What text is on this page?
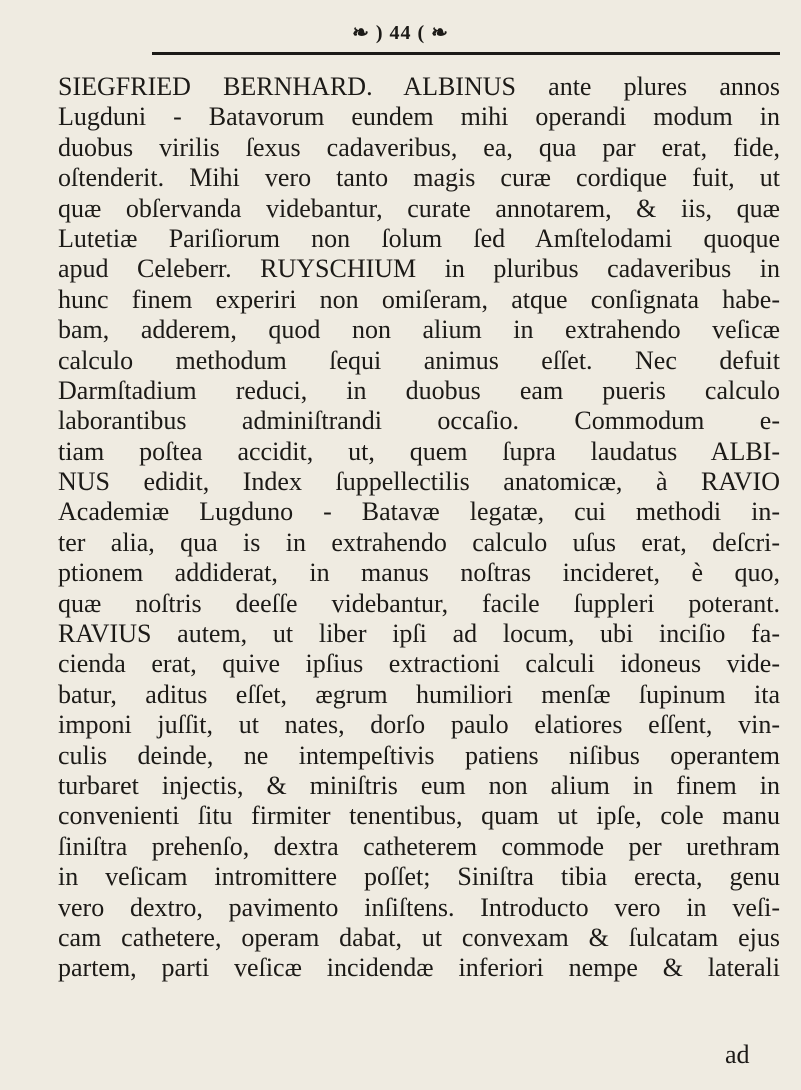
❧ ) 44 ( ❧
SIEGFRIED BERNHARD. ALBINUS ante plures annos
Lugduni - Batavorum eundem mihi operandi modum in
duobus virilis ſexus cadaveribus, ea, qua par erat, fide,
oſtenderit. Mihi vero tanto magis curæ cordique fuit, ut
quæ obſervanda videbantur, curate annotarem, & iis, quæ
Lutetiæ Pariſiorum non ſolum ſed Amſtelodami quoque
apud Celeberr. RUYSCHIUM in pluribus cadaveribus in
hunc finem experiri non omiſeram, atque conſignata habe-
bam, adderem, quod non alium in extrahendo veſicæ
calculo methodum ſequi animus eſſet. Nec defuit
Darmſtadium reduci, in duobus eam pueris calculo
laborantibus adminiſtrandi occaſio. Commodum e-
tiam poſtea accidit, ut, quem ſupra laudatus ALBI-
NUS edidit, Index ſuppellectilis anatomicæ, à RAVIO
Academiæ Lugduno - Batavæ legatæ, cui methodi in-
ter alia, qua is in extrahendo calculo uſus erat, deſcri-
ptionem addiderat, in manus noſtras incideret, è quo,
quæ noſtris deeſſe videbantur, facile ſuppleri poterant.
RAVIUS autem, ut liber ipſi ad locum, ubi inciſio fa-
cienda erat, quive ipſius extractioni calculi idoneus vide-
batur, aditus eſſet, ægrum humiliori menſæ ſupinum ita
imponi juſſit, ut nates, dorſo paulo elatiores eſſent, vin-
culis deinde, ne intempeſtivis patiens niſibus operantem
turbaret injectis, & miniſtris eum non alium in finem in
convenienti ſitu firmiter tenentibus, quam ut ipſe, cole manu
ſiniſtra prehenſo, dextra catheterem commode per urethram
in veſicam intromittere poſſet; Siniſtra tibia erecta, genu
vero dextro, pavimento inſiſtens. Introducto vero in veſi-
cam cathetere, operam dabat, ut convexam & ſulcatam ejus
partem, parti veſicæ incidendæ inferiori nempe & laterali
ad
